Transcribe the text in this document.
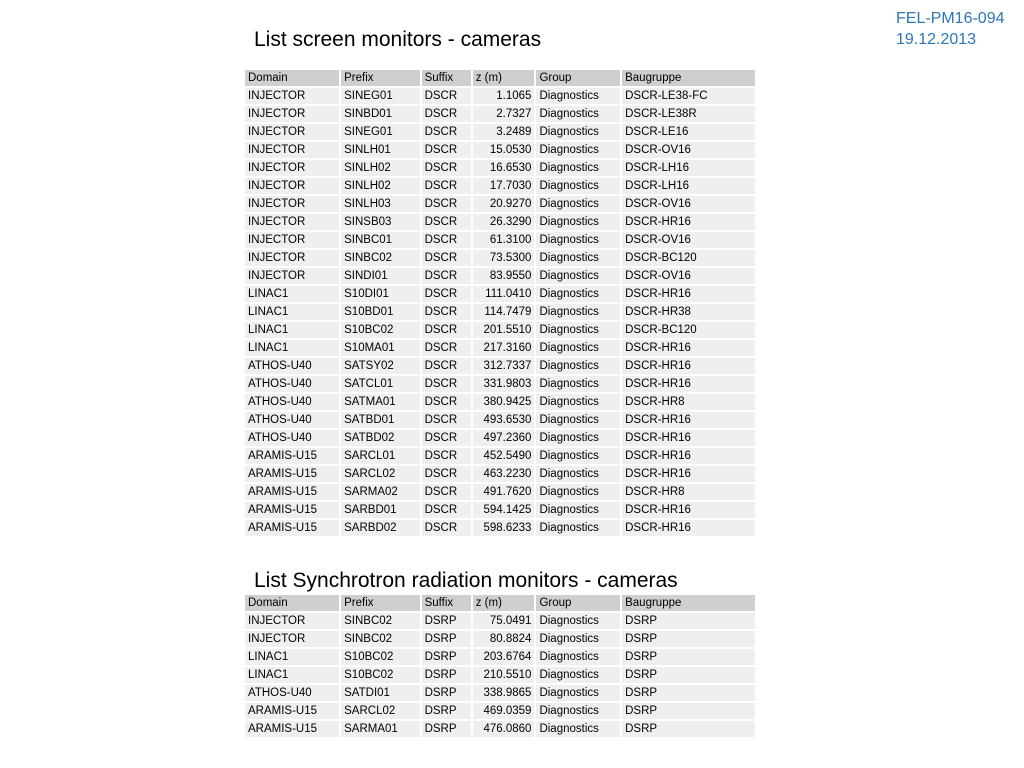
FEL-PM16-094
19.12.2013
List screen monitors - cameras
Domain	Prefix	Suffix	z (m)	Group	Baugruppe
INJECTOR	SINEG01	DSCR	1.1065	Diagnostics	DSCR-LE38-FC
INJECTOR	SINBD01	DSCR	2.7327	Diagnostics	DSCR-LE38R
INJECTOR	SINEG01	DSCR	3.2489	Diagnostics	DSCR-LE16
INJECTOR	SINLH01	DSCR	15.0530	Diagnostics	DSCR-OV16
INJECTOR	SINLH02	DSCR	16.6530	Diagnostics	DSCR-LH16
INJECTOR	SINLH02	DSCR	17.7030	Diagnostics	DSCR-LH16
INJECTOR	SINLH03	DSCR	20.9270	Diagnostics	DSCR-OV16
INJECTOR	SINSB03	DSCR	26.3290	Diagnostics	DSCR-HR16
INJECTOR	SINBC01	DSCR	61.3100	Diagnostics	DSCR-OV16
INJECTOR	SINBC02	DSCR	73.5300	Diagnostics	DSCR-BC120
INJECTOR	SINDI01	DSCR	83.9550	Diagnostics	DSCR-OV16
LINAC1	S10DI01	DSCR	111.0410	Diagnostics	DSCR-HR16
LINAC1	S10BD01	DSCR	114.7479	Diagnostics	DSCR-HR38
LINAC1	S10BC02	DSCR	201.5510	Diagnostics	DSCR-BC120
LINAC1	S10MA01	DSCR	217.3160	Diagnostics	DSCR-HR16
ATHOS-U40	SATSY02	DSCR	312.7337	Diagnostics	DSCR-HR16
ATHOS-U40	SATCL01	DSCR	331.9803	Diagnostics	DSCR-HR16
ATHOS-U40	SATMA01	DSCR	380.9425	Diagnostics	DSCR-HR8
ATHOS-U40	SATBD01	DSCR	493.6530	Diagnostics	DSCR-HR16
ATHOS-U40	SATBD02	DSCR	497.2360	Diagnostics	DSCR-HR16
ARAMIS-U15	SARCL01	DSCR	452.5490	Diagnostics	DSCR-HR16
ARAMIS-U15	SARCL02	DSCR	463.2230	Diagnostics	DSCR-HR16
ARAMIS-U15	SARMA02	DSCR	491.7620	Diagnostics	DSCR-HR8
ARAMIS-U15	SARBD01	DSCR	594.1425	Diagnostics	DSCR-HR16
ARAMIS-U15	SARBD02	DSCR	598.6233	Diagnostics	DSCR-HR16
List Synchrotron radiation monitors - cameras
Domain	Prefix	Suffix	z (m)	Group	Baugruppe
INJECTOR	SINBC02	DSRP	75.0491	Diagnostics	DSRP
INJECTOR	SINBC02	DSRP	80.8824	Diagnostics	DSRP
LINAC1	S10BC02	DSRP	203.6764	Diagnostics	DSRP
LINAC1	S10BC02	DSRP	210.5510	Diagnostics	DSRP
ATHOS-U40	SATDI01	DSRP	338.9865	Diagnostics	DSRP
ARAMIS-U15	SARCL02	DSRP	469.0359	Diagnostics	DSRP
ARAMIS-U15	SARMA01	DSRP	476.0860	Diagnostics	DSRP
